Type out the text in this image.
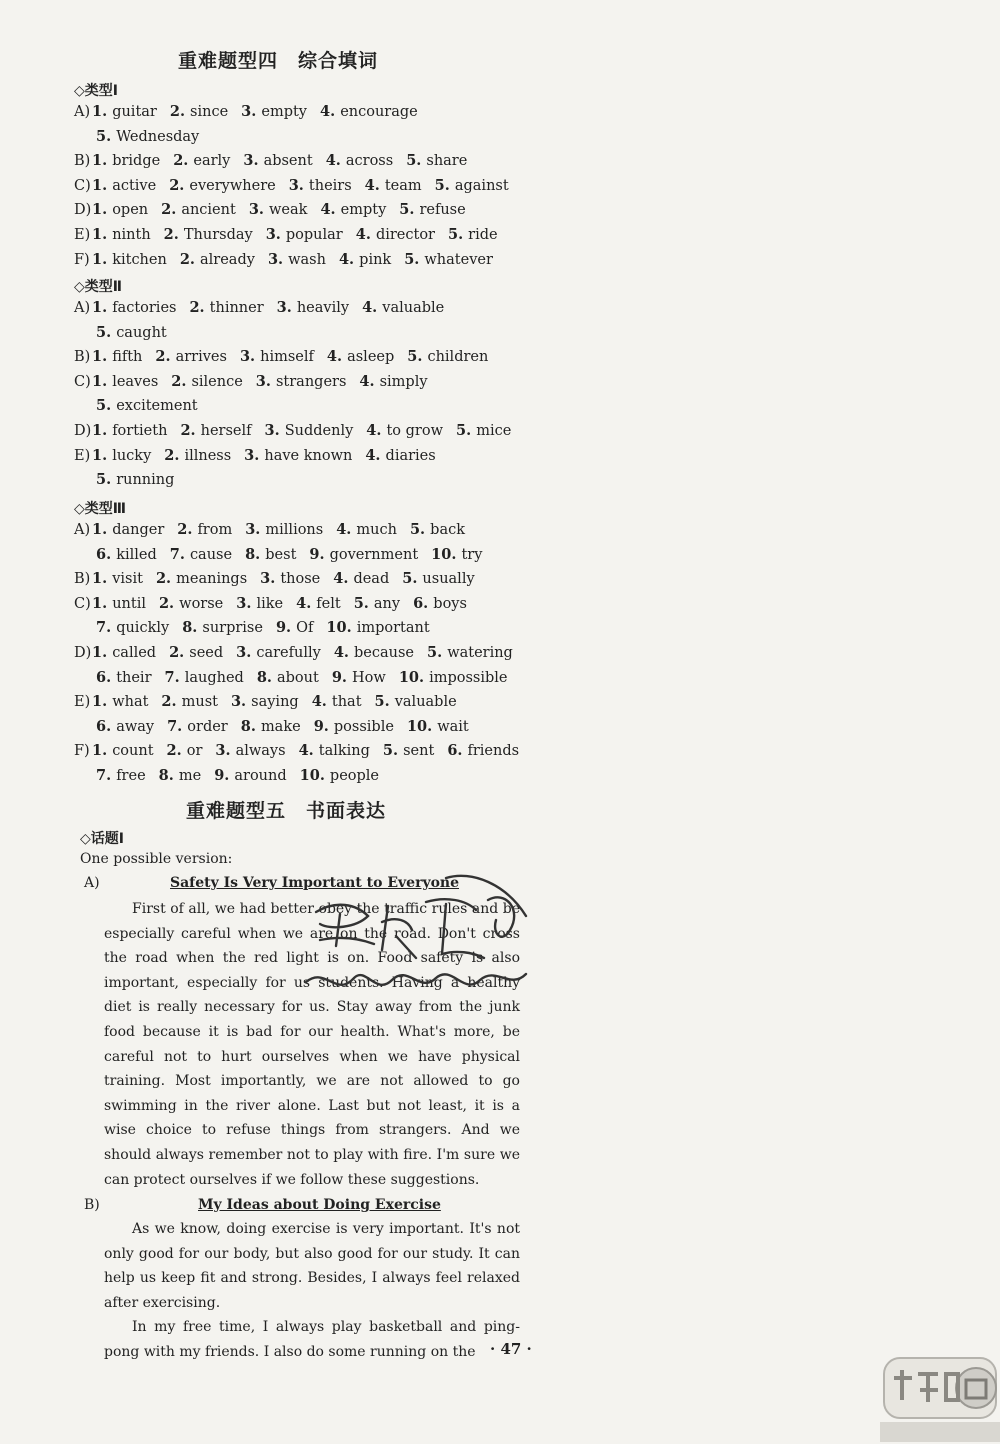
重难题型四　综合填词
◇类型Ⅰ
A) 1. guitar 2. since 3. empty 4. encourage
5. Wednesday
B) 1. bridge 2. early 3. absent 4. across 5. share
C)1. active 2. everywhere 3. theirs 4. team 5. against
D)1. open 2. ancient 3. weak 4. empty 5. refuse
E) 1. ninth 2. Thursday 3. popular 4. director 5. ride
F) 1. kitchen 2. already 3. wash 4. pink 5. whatever
◇类型Ⅱ
A) 1. factories 2. thinner 3. heavily 4. valuable
5. caught
B) 1. fifth 2. arrives 3. himself 4. asleep 5. children
C)1. leaves 2. silence 3. strangers 4. simply
5. excitement
D)1. fortieth 2. herself 3. Suddenly 4. to grow 5. mice
E) 1. lucky 2. illness 3. have known 4. diaries
5. running
◇类型Ⅲ
A) 1. danger 2. from 3. millions 4. much 5. back
6. killed 7. cause 8. best 9. government 10. try
B) 1. visit 2. meanings 3. those 4. dead 5. usually
C)1. until 2. worse 3. like 4. felt 5. any 6. boys
7. quickly 8. surprise 9. Of 10. important
D)1. called 2. seed 3. carefully 4. because 5. watering
6. their 7. laughed 8. about 9. How 10. impossible
E) 1. what 2. must 3. saying 4. that 5. valuable
6. away 7. order 8. make 9. possible 10. wait
F) 1. count 2. or 3. always 4. talking 5. sent 6. friends
7. free 8. me 9. around 10. people
重难题型五　书面表达
◇话题Ⅰ
One possible version:
A)	Safety Is Very Important to Everyone

First of all, we had better obey the traffic rules and be especially careful when we are on the road. Don't cross the road when the red light is on. Food safety is also important, especially for us students. Having a healthy diet is really necessary for us. Stay away from the junk food because it is bad for our health. What's more, be careful not to hurt ourselves when we have physical training. Most importantly, we are not allowed to go swimming in the river alone. Last but not least, it is a wise choice to refuse things from strangers. And we should always remember not to play with fire. I'm sure we can protect ourselves if we follow these suggestions.

B)	My Ideas about Doing Exercise

As we know, doing exercise is very important. It's not only good for our body, but also good for our study. It can help us keep fit and strong. Besides, I always feel relaxed after exercising.

In my free time, I always play basketball and ping-pong with my friends. I also do some running on the · 47 ·
